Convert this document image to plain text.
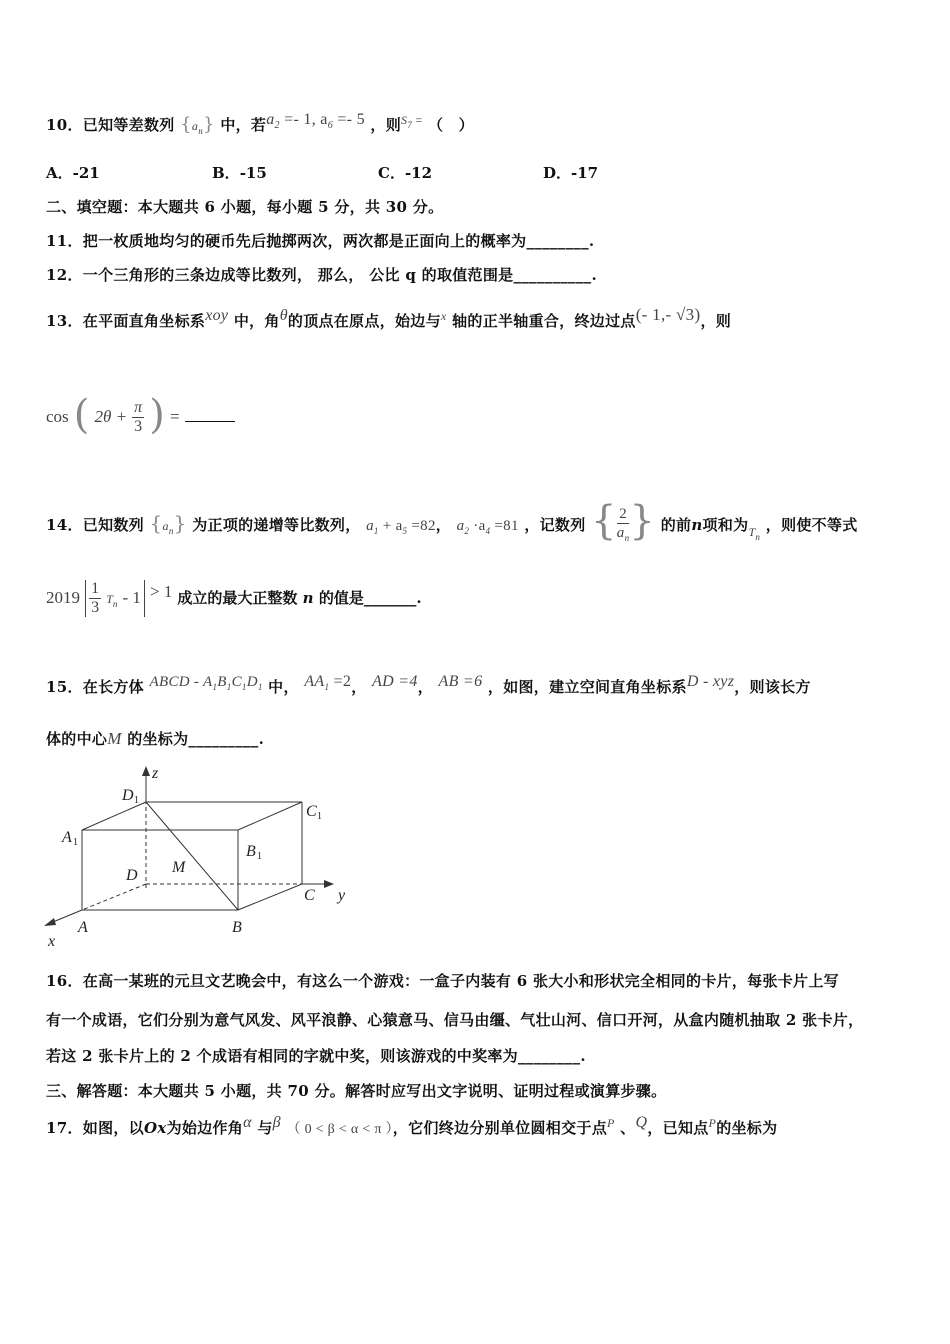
10．已知等差数列 $\{a_n\}$ 中，若$a_2 =- 1$, $a_6 =- 5$ ，则$^S_7$ = （　）
A．-21	B．-15	C．-12	D．-17
二、填空题：本大题共 6 小题，每小题 5 分，共 30 分。
11．把一枚质地均匀的硬币先后抛掷两次，两次都是正面向上的概率为________.
12．一个三角形的三条边成等比数列， 那么， 公比 q 的取值范围是__________.
13．在平面直角坐标系xoy 中，角θ的顶点在原点，始边与$^x$ 轴的正半轴重合，终边过点(- 1,- √3)，则
cos ( $2\theta + \frac{\pi}{3}$ ) =
14．已知数列 $\{a_n\}$ 为正项的递增等比数列， $a_1 + a_5 =82$， $a_2 \cdot a_4 =81$ ，记数列 { $\frac{2}{a_n}$ } 的前n项和为$_{Tn}$ ，则使不等式
$2019 \frac{1}{3} T_n - 1 > 1$ 成立的最大正整数 n 的值是_______.
15．在长方体 ABCD - $A_1B_1C_1D_1$ 中， $AA_1 =2$， AD =4， AB =6 ，如图，建立空间直角坐标系D - xyz，则该长方
体的中心M 的坐标为_________.
z
y
x
A	B
C
D
A 1
B 1
C 1
D 1
M
16．在高一某班的元旦文艺晚会中，有这么一个游戏：一盒子内装有 6 张大小和形状完全相同的卡片，每张卡片上写
有一个成语，它们分别为意气风发、风平浪静、心猿意马、信马由缰、气壮山河、信口开河，从盒内随机抽取 2 张卡片，
若这 2 张卡片上的 2 个成语有相同的字就中奖，则该游戏的中奖率为________.
三、解答题：本大题共 5 小题，共 70 分。解答时应写出文字说明、证明过程或演算步骤。
17．如图，以Ox为始边作角α 与β （ 0 < β < α < π ），它们终边分别单位圆相交于点$^P$ 、Q，已知点$^P$的坐标为
